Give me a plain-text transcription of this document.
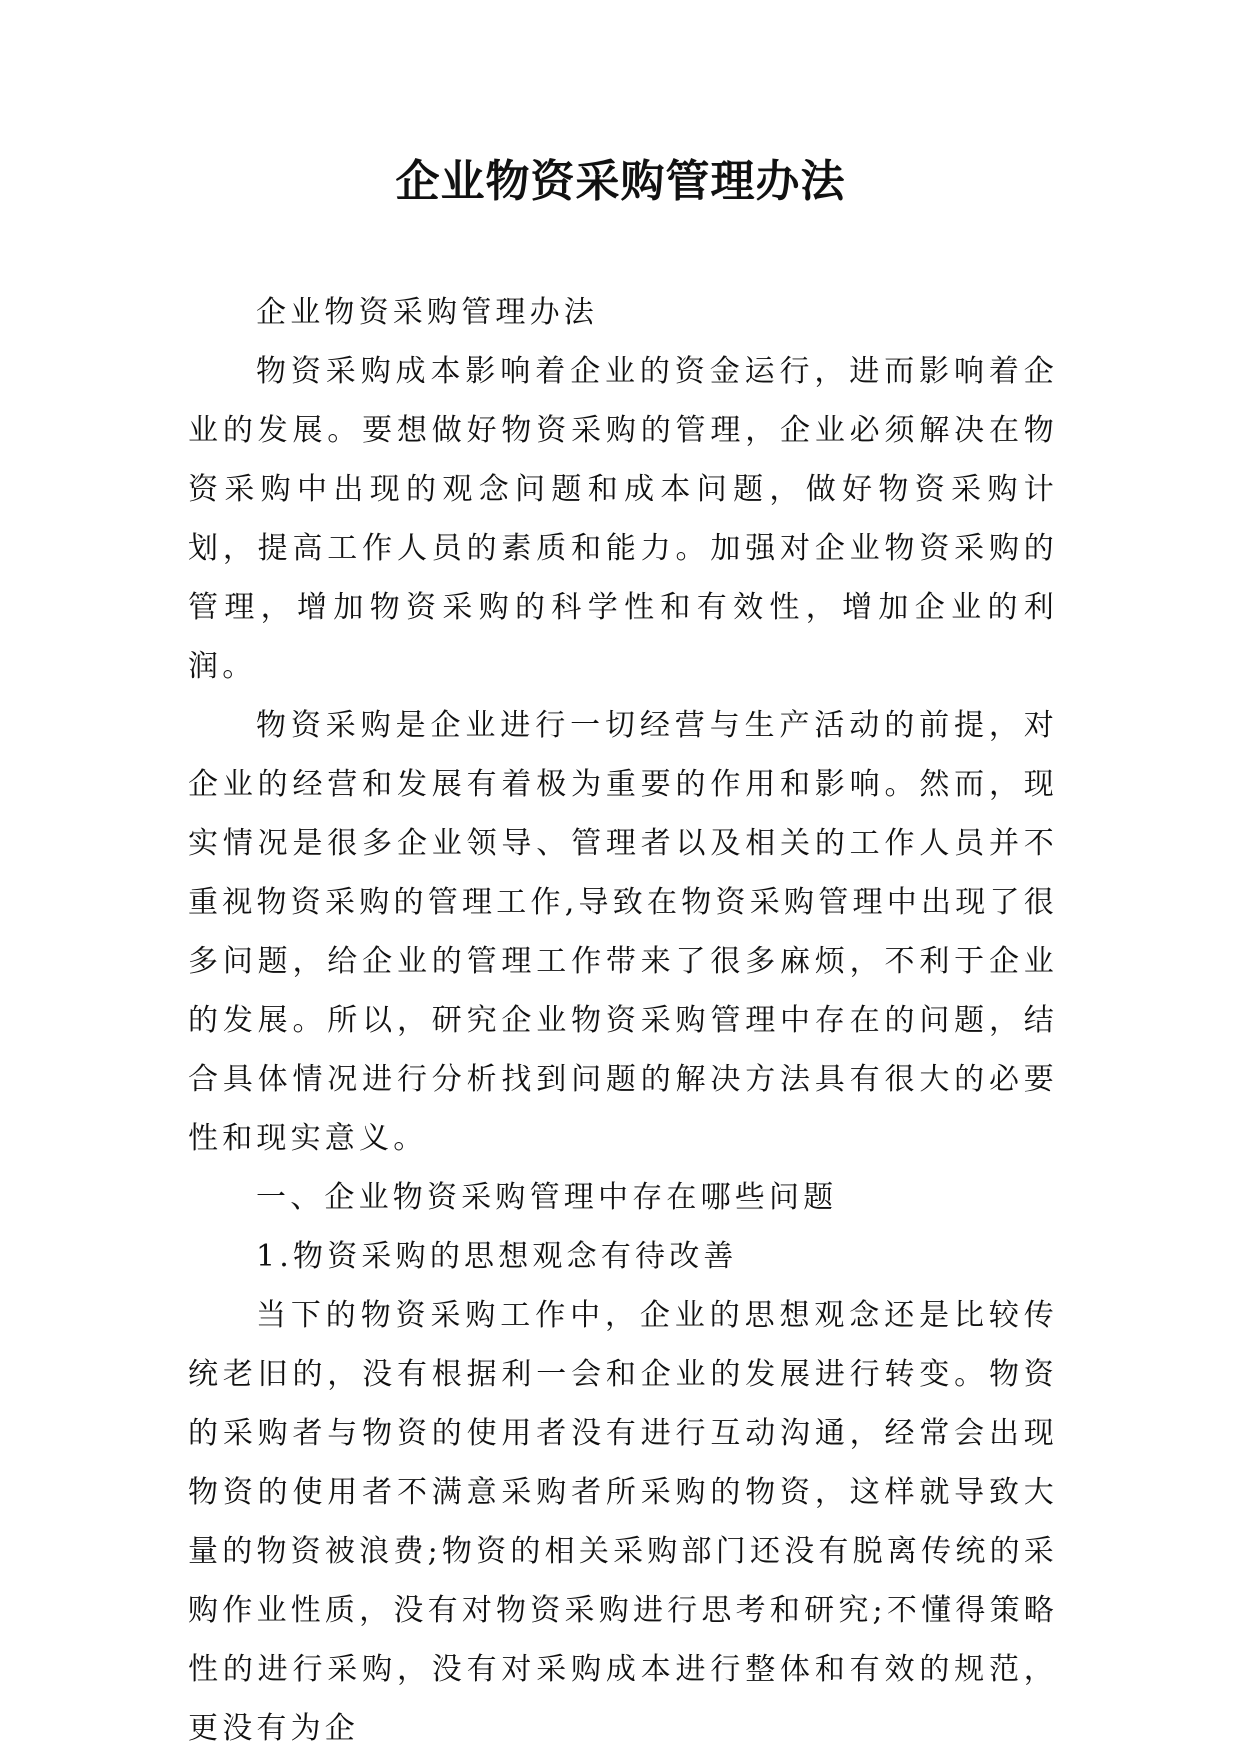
企业物资采购管理办法

企业物资采购管理办法

物资采购成本影响着企业的资金运行，进而影响着企业的发展。要想做好物资采购的管理，企业必须解决在物资采购中出现的观念问题和成本问题，做好物资采购计划，提高工作人员的素质和能力。加强对企业物资采购的管理，增加物资采购的科学性和有效性，增加企业的利润。

物资采购是企业进行一切经营与生产活动的前提，对企业的经营和发展有着极为重要的作用和影响。然而，现实情况是很多企业领导、管理者以及相关的工作人员并不重视物资采购的管理工作,导致在物资采购管理中出现了很多问题，给企业的管理工作带来了很多麻烦，不利于企业的发展。所以，研究企业物资采购管理中存在的问题，结合具体情况进行分析找到问题的解决方法具有很大的必要性和现实意义。

一、企业物资采购管理中存在哪些问题

1.物资采购的思想观念有待改善

当下的物资采购工作中，企业的思想观念还是比较传统老旧的，没有根据利一会和企业的发展进行转变。物资的采购者与物资的使用者没有进行互动沟通，经常会出现物资的使用者不满意采购者所采购的物资，这样就导致大量的物资被浪费;物资的相关采购部门还没有脱离传统的采购作业性质，没有对物资采购进行思考和研究;不懂得策略性的进行采购，没有对采购成本进行整体和有效的规范，更没有为企
